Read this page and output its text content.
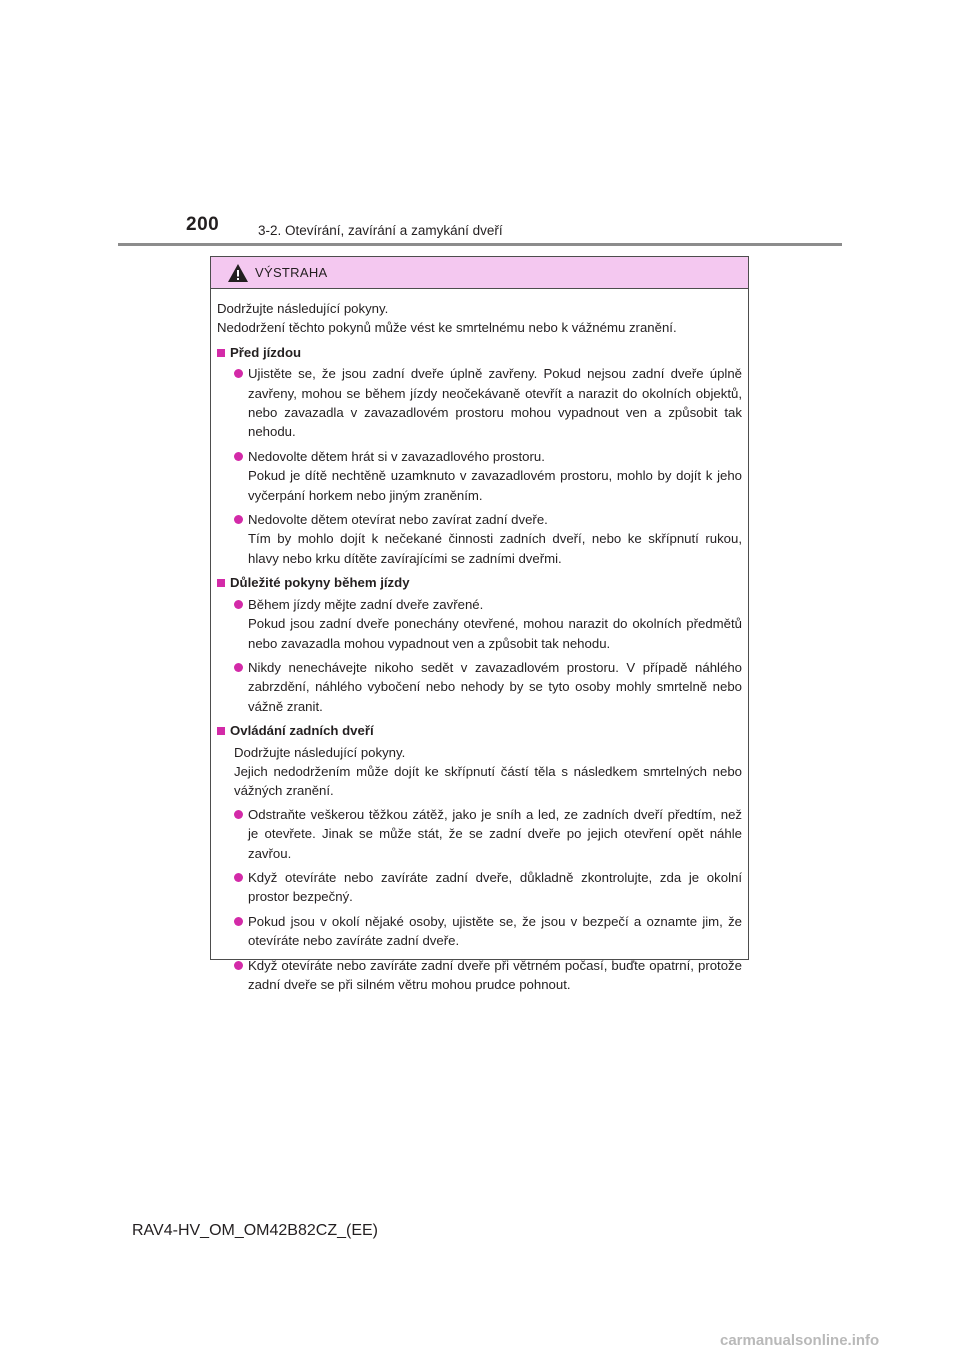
200	3-2. Otevírání, zavírání a zamykání dveří
VÝSTRAHA

Dodržujte následující pokyny.

Nedodržení těchto pokynů může vést ke smrtelnému nebo k vážnému zranění.

Před jízdou
Ujistěte se, že jsou zadní dveře úplně zavřeny. Pokud nejsou zadní dveře úplně zavřeny, mohou se během jízdy neočekávaně otevřít a narazit do okolních objektů, nebo zavazadla v zavazadlovém prostoru mohou vypadnout ven a způsobit tak nehodu.
Nedovolte dětem hrát si v zavazadlového prostoru.
Pokud je dítě nechtěně uzamknuto v zavazadlovém prostoru, mohlo by dojít k jeho vyčerpání horkem nebo jiným zraněním.
Nedovolte dětem otevírat nebo zavírat zadní dveře.
Tím by mohlo dojít k nečekané činnosti zadních dveří, nebo ke skřípnutí rukou, hlavy nebo krku dítěte zavírajícími se zadními dveřmi.
Důležité pokyny během jízdy
Během jízdy mějte zadní dveře zavřené.
Pokud jsou zadní dveře ponechány otevřené, mohou narazit do okolních předmětů nebo zavazadla mohou vypadnout ven a způsobit tak nehodu.
Nikdy nenechávejte nikoho sedět v zavazadlovém prostoru. V případě náhlého zabrzdění, náhlého vybočení nebo nehody by se tyto osoby mohly smrtelně nebo vážně zranit.
Ovládání zadních dveří

Dodržujte následující pokyny.

Jejich nedodržením může dojít ke skřípnutí částí těla s následkem smrtelných nebo vážných zranění.

Odstraňte veškerou těžkou zátěž, jako je sníh a led, ze zadních dveří předtím, než je otevřete. Jinak se může stát, že se zadní dveře po jejich otevření opět náhle zavřou.
Když otevíráte nebo zavíráte zadní dveře, důkladně zkontrolujte, zda je okolní prostor bezpečný.
Pokud jsou v okolí nějaké osoby, ujistěte se, že jsou v bezpečí a oznamte jim, že otevíráte nebo zavíráte zadní dveře.
Když otevíráte nebo zavíráte zadní dveře při větrném počasí, buďte opatrní, protože zadní dveře se při silném větru mohou prudce pohnout.
RAV4-HV_OM_OM42B82CZ_(EE)
carmanualsonline.info
